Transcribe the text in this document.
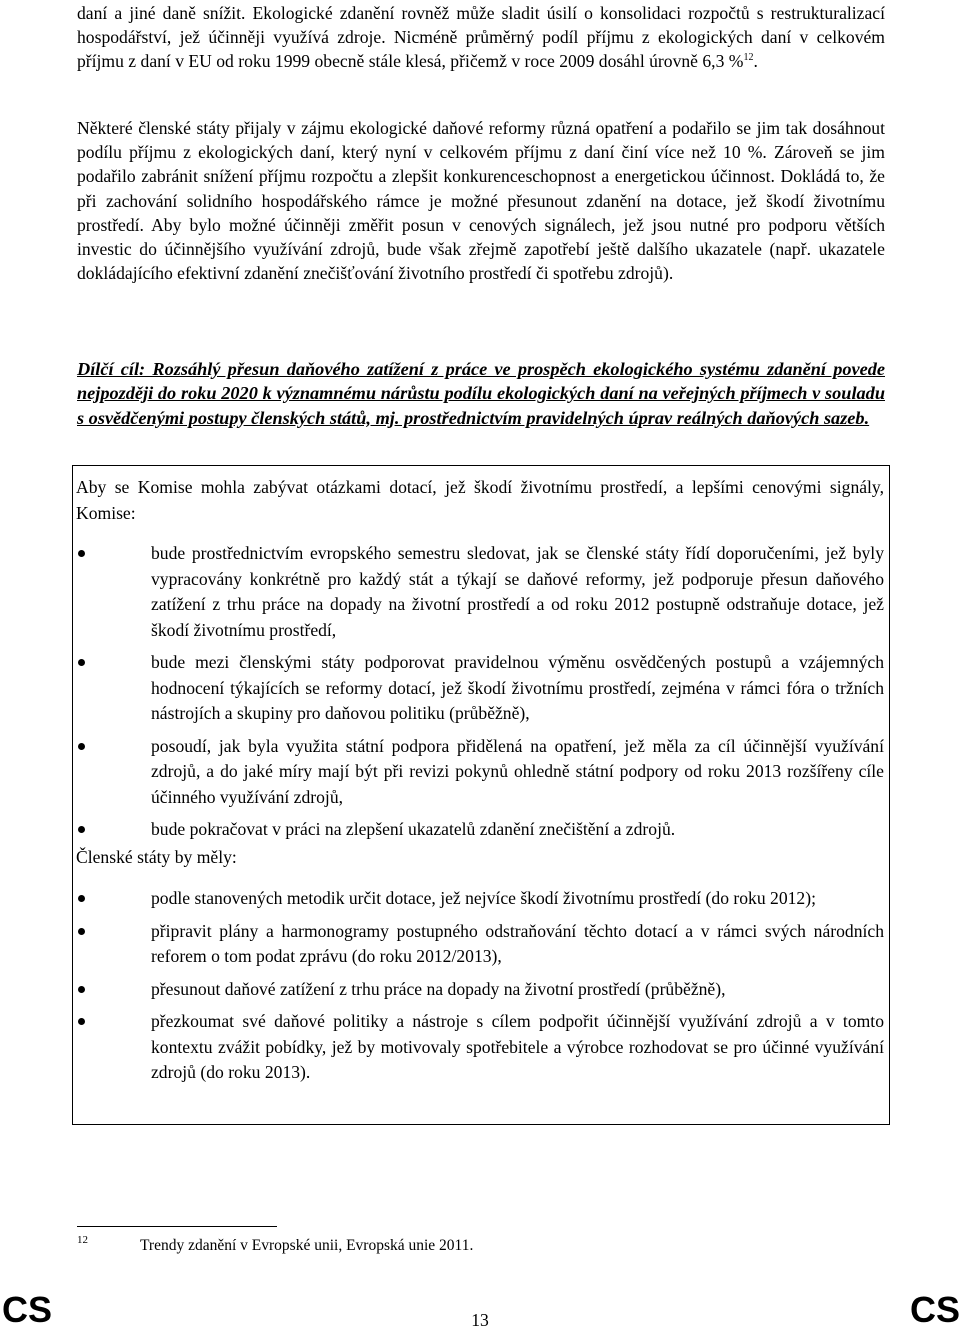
daní a jiné daně snížit. Ekologické zdanění rovněž může sladit úsilí o konsolidaci rozpočtů s restrukturalizací hospodářství, jež účinněji využívá zdroje. Nicméně průměrný podíl příjmu z ekologických daní v celkovém příjmu z daní v EU od roku 1999 obecně stále klesá, přičemž v roce 2009 dosáhl úrovně 6,3 %$^{12}$.

Některé členské státy přijaly v zájmu ekologické daňové reformy různá opatření a podařilo se jim tak dosáhnout podílu příjmu z ekologických daní, který nyní v celkovém příjmu z daní činí více než 10 %. Zároveň se jim podařilo zabránit snížení příjmu rozpočtu a zlepšit konkurenceschopnost a energetickou účinnost. Dokládá to, že při zachování solidního hospodářského rámce je možné přesunout zdanění na dotace, jež škodí životnímu prostředí. Aby bylo možné účinněji změřit posun v cenových signálech, jež jsou nutné pro podporu větších investic do účinnějšího využívání zdrojů, bude však zřejmě zapotřebí ještě dalšího ukazatele (např. ukazatele dokládajícího efektivní zdanění znečišťování životního prostředí či spotřebu zdrojů).

Dílčí cíl: Rozsáhlý přesun daňového zatížení z práce ve prospěch ekologického systému zdanění povede nejpozději do roku 2020 k významnému nárůstu podílu ekologických daní na veřejných příjmech v souladu s osvědčenými postupy členských států, mj. prostřednictvím pravidelných úprav reálných daňových sazeb.

Aby se Komise mohla zabývat otázkami dotací, jež škodí životnímu prostředí, a lepšími cenovými signály, Komise:

bude prostřednictvím evropského semestru sledovat, jak se členské státy řídí doporučeními, jež byly vypracovány konkrétně pro každý stát a týkají se daňové reformy, jež podporuje přesun daňového zatížení z trhu práce na dopady na životní prostředí a od roku 2012 postupně odstraňuje dotace, jež škodí životnímu prostředí,
bude mezi členskými státy podporovat pravidelnou výměnu osvědčených postupů a vzájemných hodnocení týkajících se reformy dotací, jež škodí životnímu prostředí, zejména v rámci fóra o tržních nástrojích a skupiny pro daňovou politiku (průběžně),
posoudí, jak byla využita státní podpora přidělená na opatření, jež měla za cíl účinnější využívání zdrojů, a do jaké míry mají být při revizi pokynů ohledně státní podpory od roku 2013 rozšířeny cíle účinného využívání zdrojů,
bude pokračovat v práci na zlepšení ukazatelů zdanění znečištění a zdrojů.

Členské státy by měly:

podle stanovených metodik určit dotace, jež nejvíce škodí životnímu prostředí (do roku 2012);
připravit plány a harmonogramy postupného odstraňování těchto dotací a v rámci svých národních reforem o tom podat zprávu (do roku 2012/2013),
přesunout daňové zatížení z trhu práce na dopady na životní prostředí (průběžně),
přezkoumat své daňové politiky a nástroje s cílem podpořit účinnější využívání zdrojů a v tomto kontextu zvážit pobídky, jež by motivovaly spotřebitele a výrobce rozhodovat se pro účinné využívání zdrojů (do roku 2013).
12	Trendy zdanění v Evropské unii, Evropská unie 2011.
CS	13	CS
